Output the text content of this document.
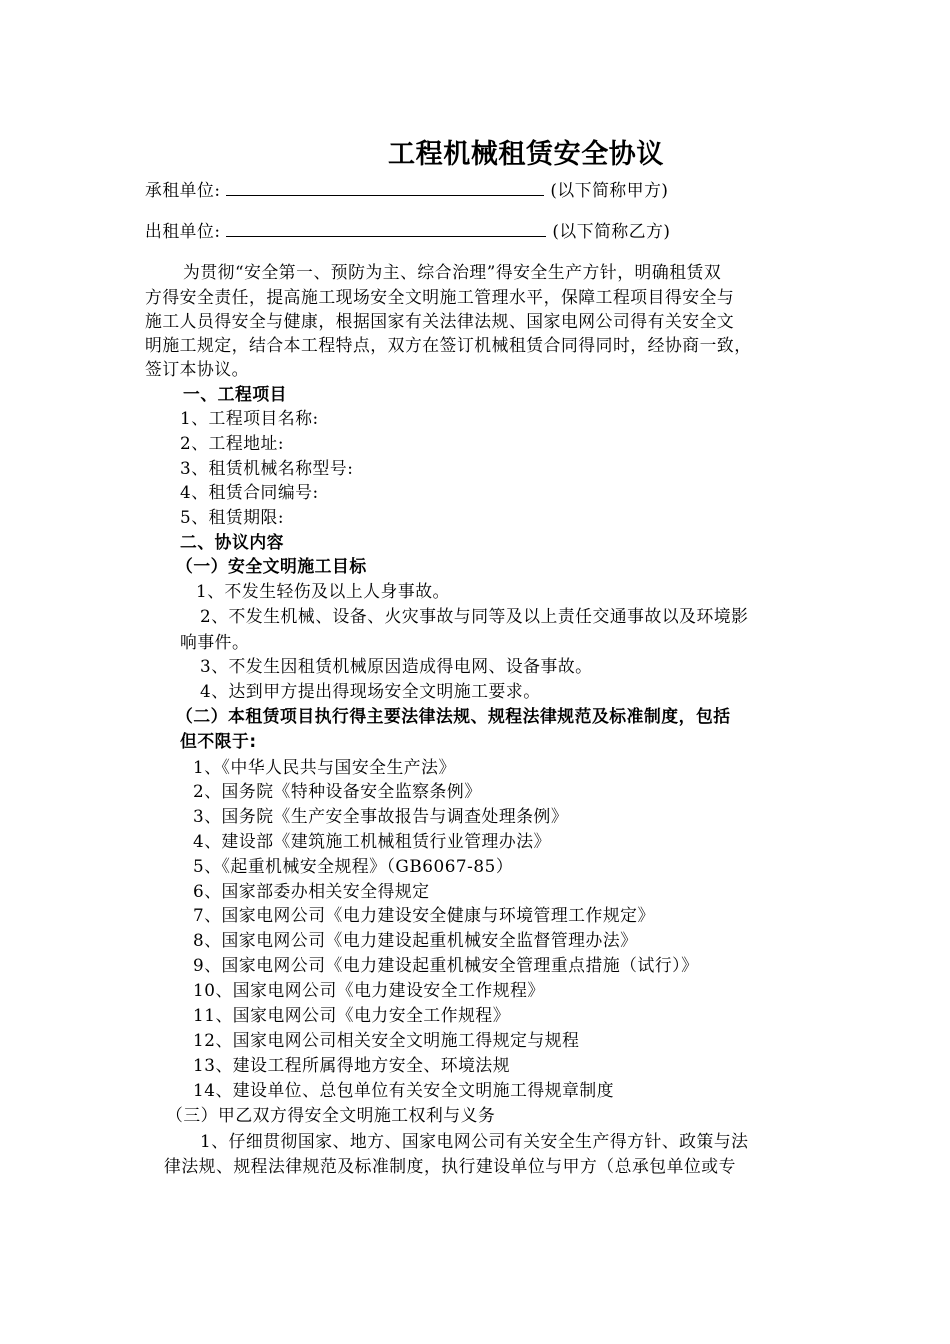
工程机械租赁安全协议
承租单位:	(以下简称甲方)
出租单位:	(以下简称乙方)
为贯彻“安全第一、预防为主、综合治理”得安全生产方针，明确租赁双
方得安全责任，提高施工现场安全文明施工管理水平，保障工程项目得安全与
施工人员得安全与健康，根据国家有关法律法规、国家电网公司得有关安全文
明施工规定，结合本工程特点，双方在签订机械租赁合同得同时，经协商一致，
签订本协议。
一、工程项目
1、工程项目名称:
2、工程地址:
3、租赁机械名称型号:
4、租赁合同编号:
5、租赁期限:
二、协议内容
（一）安全文明施工目标
1、不发生轻伤及以上人身事故。
2、不发生机械、设备、火灾事故与同等及以上责任交通事故以及环境影
响事件。
3、不发生因租赁机械原因造成得电网、设备事故。
4、达到甲方提出得现场安全文明施工要求。
（二）本租赁项目执行得主要法律法规、规程法律规范及标准制度，包括
但不限于:
1、《中华人民共与国安全生产法》
2、国务院《特种设备安全监察条例》
3、国务院《生产安全事故报告与调查处理条例》
4、建设部《建筑施工机械租赁行业管理办法》
5、《起重机械安全规程》（GB6067-85）
6、国家部委办相关安全得规定
7、国家电网公司《电力建设安全健康与环境管理工作规定》
8、国家电网公司《电力建设起重机械安全监督管理办法》
9、国家电网公司《电力建设起重机械安全管理重点措施（试行）》
10、国家电网公司《电力建设安全工作规程》
11、国家电网公司《电力安全工作规程》
12、国家电网公司相关安全文明施工得规定与规程
13、建设工程所属得地方安全、环境法规
14、建设单位、总包单位有关安全文明施工得规章制度
（三）甲乙双方得安全文明施工权利与义务
1、仔细贯彻国家、地方、国家电网公司有关安全生产得方针、政策与法
律法规、规程法律规范及标准制度，执行建设单位与甲方（总承包单位或专
